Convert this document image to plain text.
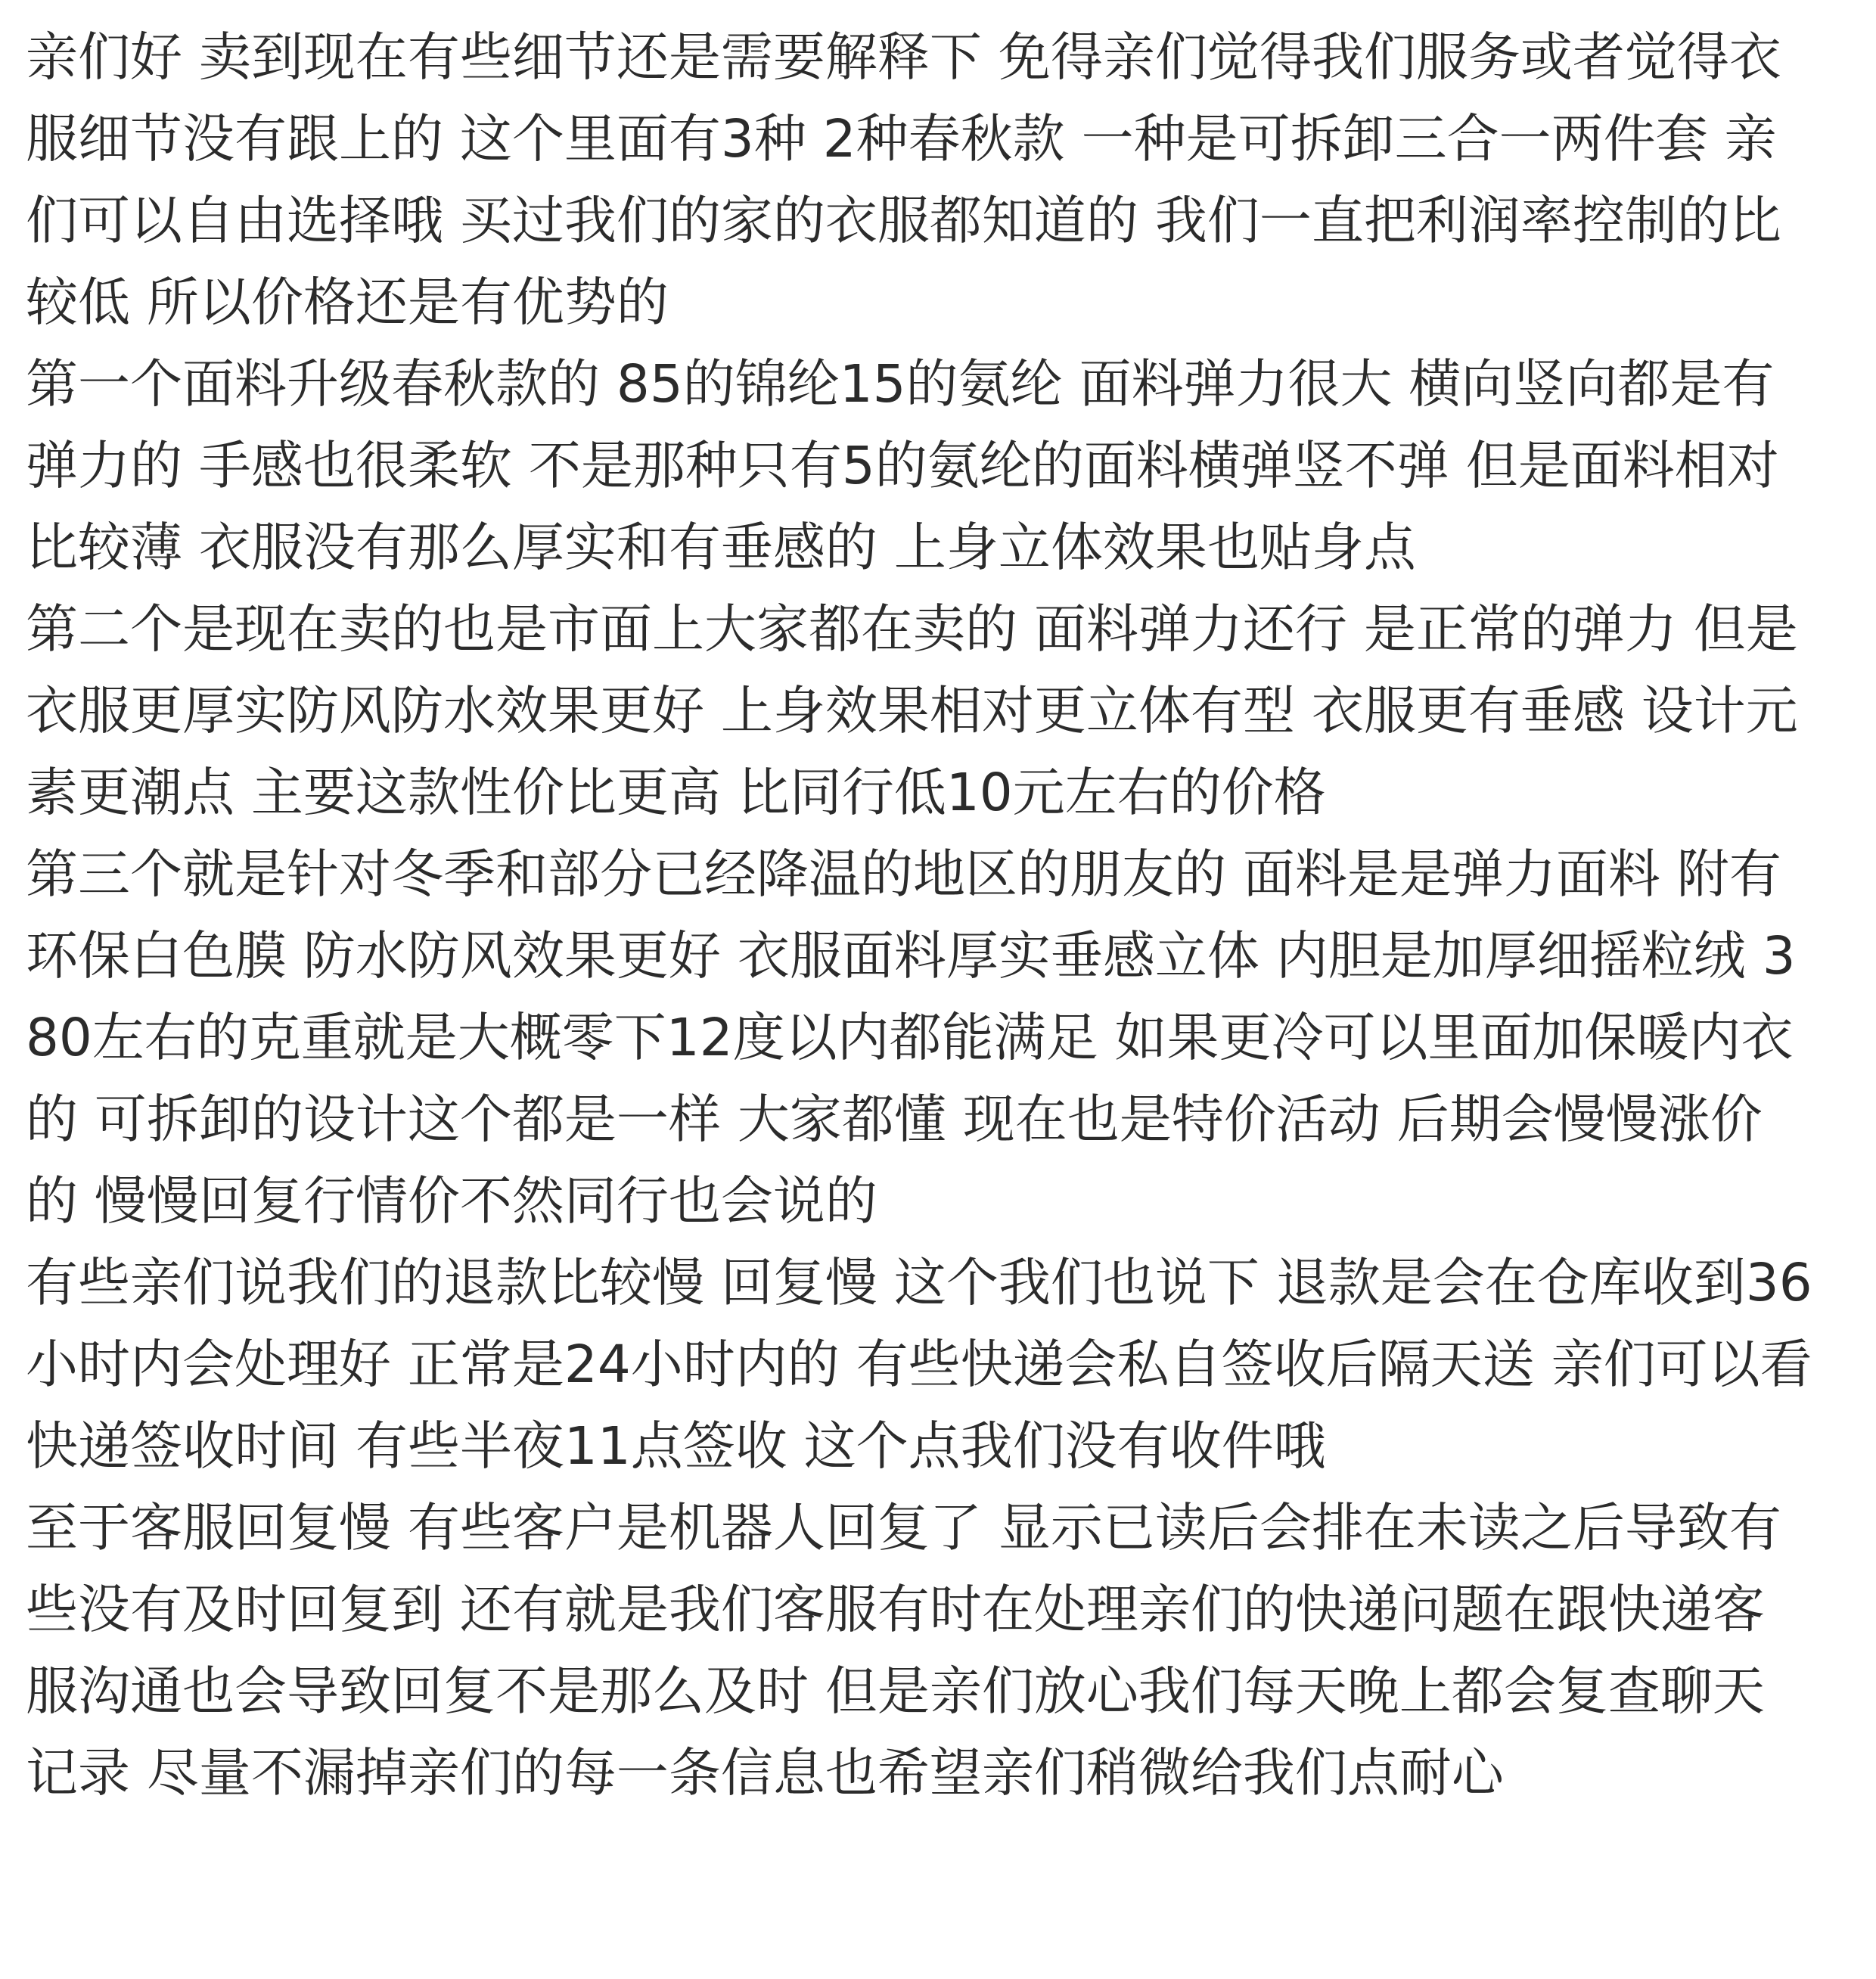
亲们好 卖到现在有些细节还是需要解释下 免得亲们觉得我们服务或者觉得衣
服细节没有跟上的 这个里面有3种 2种春秋款 一种是可拆卸三合一两件套 亲
们可以自由选择哦 买过我们的家的衣服都知道的 我们一直把利润率控制的比
较低 所以价格还是有优势的
第一个面料升级春秋款的 85的锦纶15的氨纶 面料弹力很大 横向竖向都是有
弹力的 手感也很柔软 不是那种只有5的氨纶的面料横弹竖不弹 但是面料相对
比较薄 衣服没有那么厚实和有垂感的 上身立体效果也贴身点
第二个是现在卖的也是市面上大家都在卖的 面料弹力还行 是正常的弹力 但是
衣服更厚实防风防水效果更好 上身效果相对更立体有型 衣服更有垂感 设计元
素更潮点 主要这款性价比更高 比同行低10元左右的价格
第三个就是针对冬季和部分已经降温的地区的朋友的 面料是是弹力面料 附有
环保白色膜 防水防风效果更好 衣服面料厚实垂感立体 内胆是加厚细摇粒绒 3
80左右的克重就是大概零下12度以内都能满足 如果更冷可以里面加保暖内衣
的 可拆卸的设计这个都是一样 大家都懂 现在也是特价活动 后期会慢慢涨价
的 慢慢回复行情价不然同行也会说的
有些亲们说我们的退款比较慢 回复慢 这个我们也说下 退款是会在仓库收到36
小时内会处理好 正常是24小时内的 有些快递会私自签收后隔天送 亲们可以看
快递签收时间 有些半夜11点签收 这个点我们没有收件哦
至于客服回复慢 有些客户是机器人回复了 显示已读后会排在未读之后导致有
些没有及时回复到 还有就是我们客服有时在处理亲们的快递问题在跟快递客
服沟通也会导致回复不是那么及时 但是亲们放心我们每天晚上都会复查聊天
记录 尽量不漏掉亲们的每一条信息也希望亲们稍微给我们点耐心
